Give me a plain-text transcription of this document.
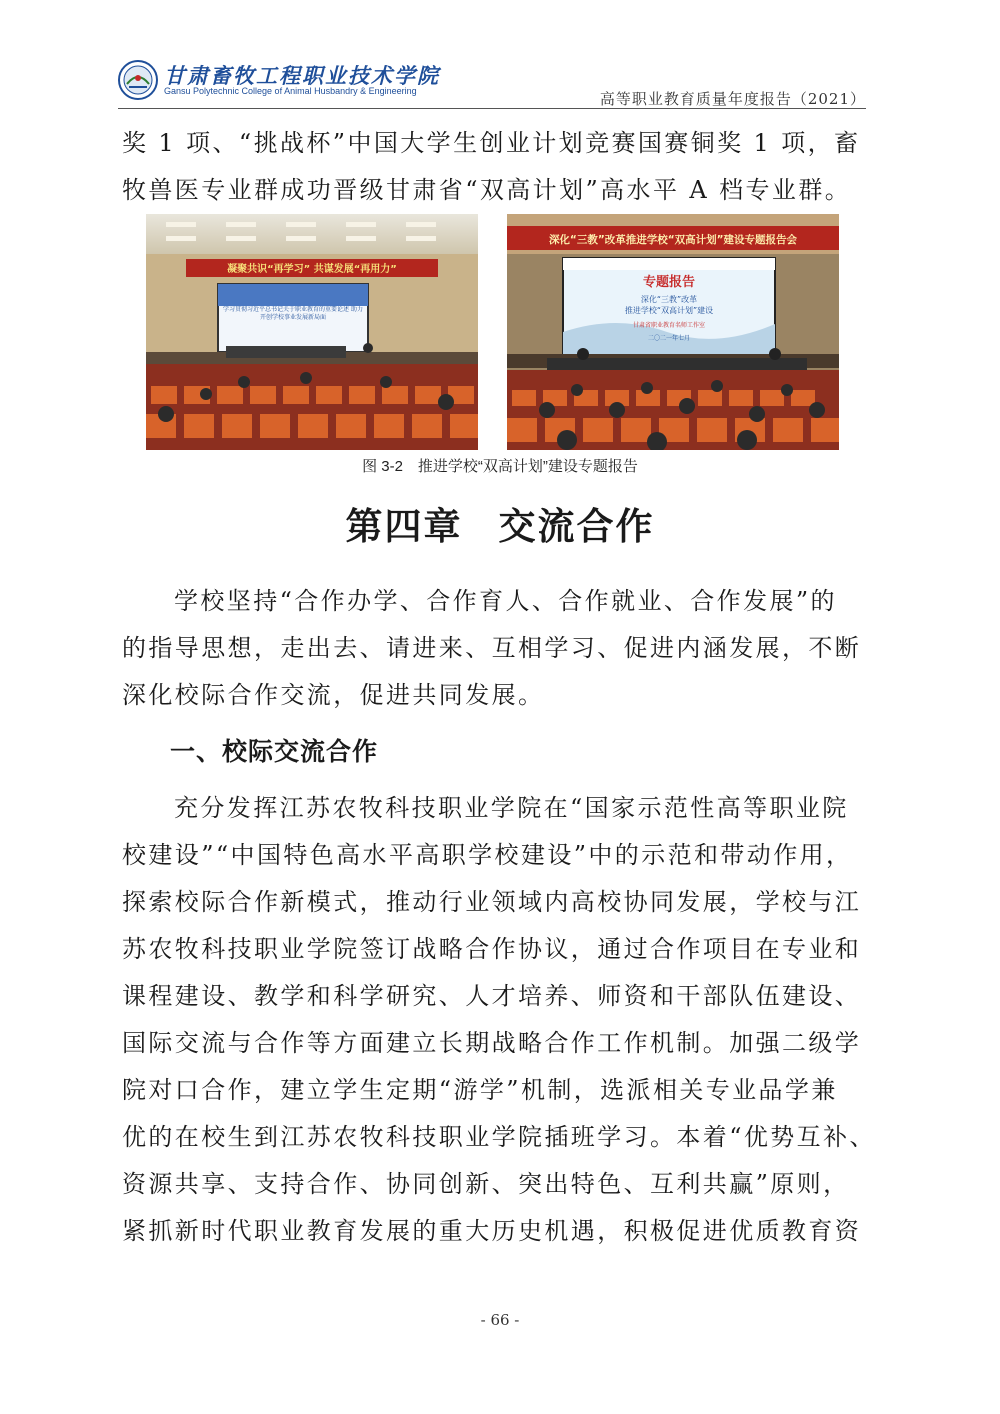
甘肃畜牧工程职业技术学院
Gansu Polytechnic College of Animal Husbandry & Engineering	高等职业教育质量年度报告（2021）
奖 1 项、“挑战杯”中国大学生创业计划竞赛国赛铜奖 1 项，畜
牧兽医专业群成功晋级甘肃省“双高计划”高水平 A 档专业群。
凝聚共识“再学习” 共谋发展“再用力”
学习贯彻习近平总书记关于职业教育的重要论述 助力开创学校事业发展新局面
深化“三教”改革推进学校“双高计划”建设专题报告会
专题报告
深化“三教”改革
推进学校“双高计划”建设
甘肃省职业教育名师工作室
二〇二一年七月
图 3-2　推进学校“双高计划”建设专题报告
第四章 交流合作
学校坚持“合作办学、合作育人、合作就业、合作发展”的
的指导思想，走出去、请进来、互相学习、促进内涵发展，不断
深化校际合作交流，促进共同发展。
一、校际交流合作
充分发挥江苏农牧科技职业学院在“国家示范性高等职业院
校建设”“中国特色高水平高职学校建设”中的示范和带动作用，
探索校际合作新模式，推动行业领域内高校协同发展，学校与江
苏农牧科技职业学院签订战略合作协议，通过合作项目在专业和
课程建设、教学和科学研究、人才培养、师资和干部队伍建设、
国际交流与合作等方面建立长期战略合作工作机制。加强二级学
院对口合作，建立学生定期“游学”机制，选派相关专业品学兼
优的在校生到江苏农牧科技职业学院插班学习。本着“优势互补、
资源共享、支持合作、协同创新、突出特色、互利共赢”原则，
紧抓新时代职业教育发展的重大历史机遇，积极促进优质教育资
- 66 -
